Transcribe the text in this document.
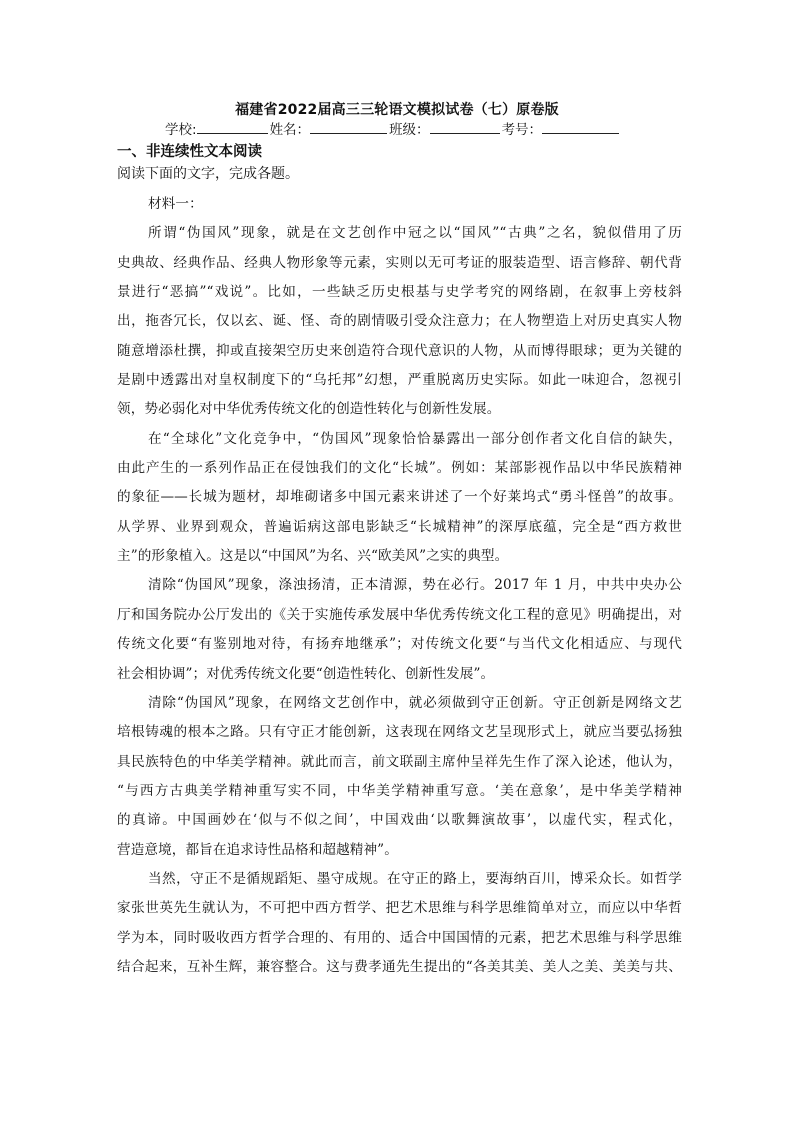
福建省2022届高三三轮语文模拟试卷（七）原卷版
学校:	姓名：	班级：	考号：
一、非连续性文本阅读
阅读下面的文字，完成各题。
材料一：
所谓“伪国风”现象，就是在文艺创作中冠之以“国风”“古典”之名，貌似借用了历
史典故、经典作品、经典人物形象等元素，实则以无可考证的服装造型、语言修辞、朝代背
景进行“恶搞”“戏说”。比如，一些缺乏历史根基与史学考究的网络剧，在叙事上旁枝斜
出，拖沓冗长，仅以玄、诞、怪、奇的剧情吸引受众注意力；在人物塑造上对历史真实人物
随意增添杜撰，抑或直接架空历史来创造符合现代意识的人物，从而博得眼球；更为关键的
是剧中透露出对皇权制度下的“乌托邦”幻想，严重脱离历史实际。如此一味迎合，忽视引
领，势必弱化对中华优秀传统文化的创造性转化与创新性发展。
在“全球化”文化竞争中，“伪国风”现象恰恰暴露出一部分创作者文化自信的缺失，
由此产生的一系列作品正在侵蚀我们的文化“长城”。例如：某部影视作品以中华民族精神
的象征——长城为题材，却堆砌诸多中国元素来讲述了一个好莱坞式“勇斗怪兽”的故事。
从学界、业界到观众，普遍诟病这部电影缺乏“长城精神”的深厚底蕴，完全是“西方救世
主”的形象植入。这是以“中国风”为名、兴“欧美风”之实的典型。
清除“伪国风”现象，涤浊扬清，正本清源，势在必行。2017 年 1 月，中共中央办公
厅和国务院办公厅发出的《关于实施传承发展中华优秀传统文化工程的意见》明确提出，对
传统文化要“有鉴别地对待，有扬弃地继承”；对传统文化要“与当代文化相适应、与现代
社会相协调”；对优秀传统文化要“创造性转化、创新性发展”。
清除“伪国风”现象，在网络文艺创作中，就必须做到守正创新。守正创新是网络文艺
培根铸魂的根本之路。只有守正才能创新，这表现在网络文艺呈现形式上，就应当要弘扬独
具民族特色的中华美学精神。就此而言，前文联副主席仲呈祥先生作了深入论述，他认为，
“与西方古典美学精神重写实不同，中华美学精神重写意。‘美在意象’，是中华美学精神
的真谛。中国画妙在‘似与不似之间’，中国戏曲‘以歌舞演故事’，以虚代实，程式化，
营造意境，都旨在追求诗性品格和超越精神”。
当然，守正不是循规蹈矩、墨守成规。在守正的路上，要海纳百川，博采众长。如哲学
家张世英先生就认为，不可把中西方哲学、把艺术思维与科学思维简单对立，而应以中华哲
学为本，同时吸收西方哲学合理的、有用的、适合中国国情的元素，把艺术思维与科学思维
结合起来，互补生辉，兼容整合。这与费孝通先生提出的“各美其美、美人之美、美美与共、
